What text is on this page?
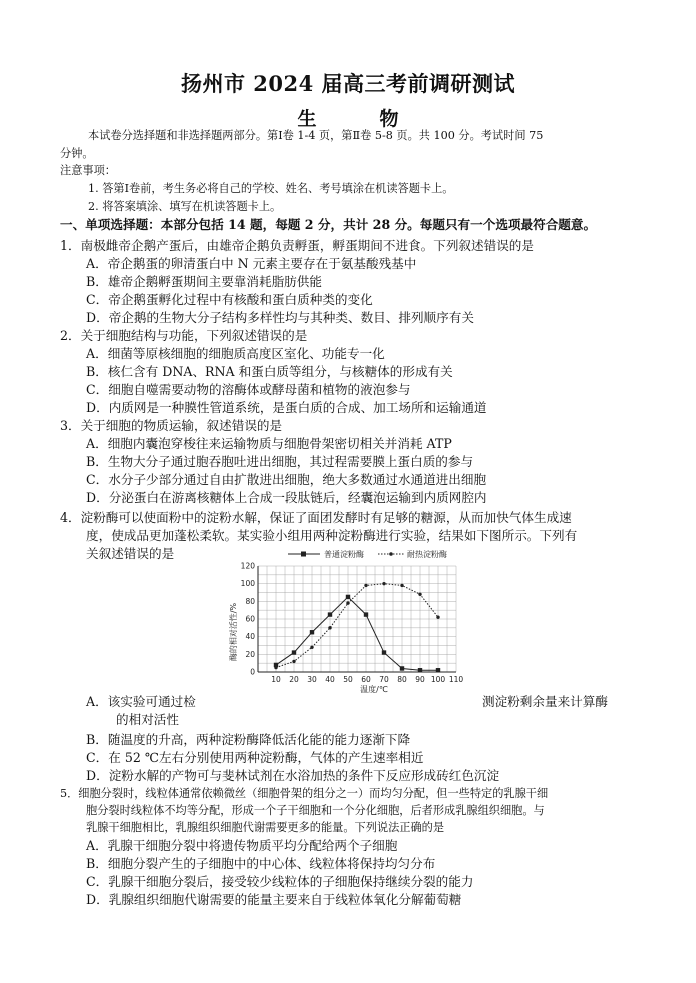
扬州市 2024 届高三考前调研测试
生　物
本试卷分选择题和非选择题两部分。第Ⅰ卷 1-4 页，第Ⅱ卷 5-8 页。共 100 分。考试时间 75
分钟。
注意事项：
1. 答第Ⅰ卷前，考生务必将自己的学校、姓名、考号填涂在机读答题卡上。
2. 将答案填涂、填写在机读答题卡上。
一、单项选择题：本部分包括 14 题，每题 2 分，共计 28 分。每题只有一个选项最符合题意。
1．南极雌帝企鹅产蛋后，由雄帝企鹅负责孵蛋，孵蛋期间不进食。下列叙述错误的是
A．帝企鹅蛋的卵清蛋白中 N 元素主要存在于氨基酸残基中
B．雄帝企鹅孵蛋期间主要靠消耗脂肪供能
C．帝企鹅蛋孵化过程中有核酸和蛋白质种类的变化
D．帝企鹅的生物大分子结构多样性均与其种类、数目、排列顺序有关
2．关于细胞结构与功能，下列叙述错误的是
A．细菌等原核细胞的细胞质高度区室化、功能专一化
B．核仁含有 DNA、RNA 和蛋白质等组分，与核糖体的形成有关
C．细胞自噬需要动物的溶酶体或酵母菌和植物的液泡参与
D．内质网是一种膜性管道系统，是蛋白质的合成、加工场所和运输通道
3．关于细胞的物质运输，叙述错误的是
A．细胞内囊泡穿梭往来运输物质与细胞骨架密切相关并消耗 ATP
B．生物大分子通过胞吞胞吐进出细胞，其过程需要膜上蛋白质的参与
C．水分子少部分通过自由扩散进出细胞，绝大多数通过水通道进出细胞
D．分泌蛋白在游离核糖体上合成一段肽链后，经囊泡运输到内质网腔内
4．淀粉酶可以使面粉中的淀粉水解，保证了面团发酵时有足够的糖源，从而加快气体生成速
度，使成品更加蓬松柔软。某实验小组用两种淀粉酶进行实验，结果如下图所示。下列有
关叙述错误的是	普通淀粉酶	耐热淀粉酶
酶的相对活性/%
10 20 30 40 50 60 70 80 90 100 110
0
20
40
60
80
100
120
温度/℃
A．该实验可通过检	测淀粉剩余量来计算酶
的相对活性
B．随温度的升高，两种淀粉酶降低活化能的能力逐渐下降
C．在 52 ℃左右分别使用两种淀粉酶，气体的产生速率相近
D．淀粉水解的产物可与斐林试剂在水浴加热的条件下反应形成砖红色沉淀
5．细胞分裂时，线粒体通常依赖微丝（细胞骨架的组分之一）而均匀分配，但一些特定的乳腺干细
胞分裂时线粒体不均等分配，形成一个子干细胞和一个分化细胞，后者形成乳腺组织细胞。与
乳腺干细胞相比，乳腺组织细胞代谢需要更多的能量。下列说法正确的是
A．乳腺干细胞分裂中将遗传物质平均分配给两个子细胞
B．细胞分裂产生的子细胞中的中心体、线粒体将保持均匀分布
C．乳腺干细胞分裂后，接受较少线粒体的子细胞保持继续分裂的能力
D．乳腺组织细胞代谢需要的能量主要来自于线粒体氧化分解葡萄糖
